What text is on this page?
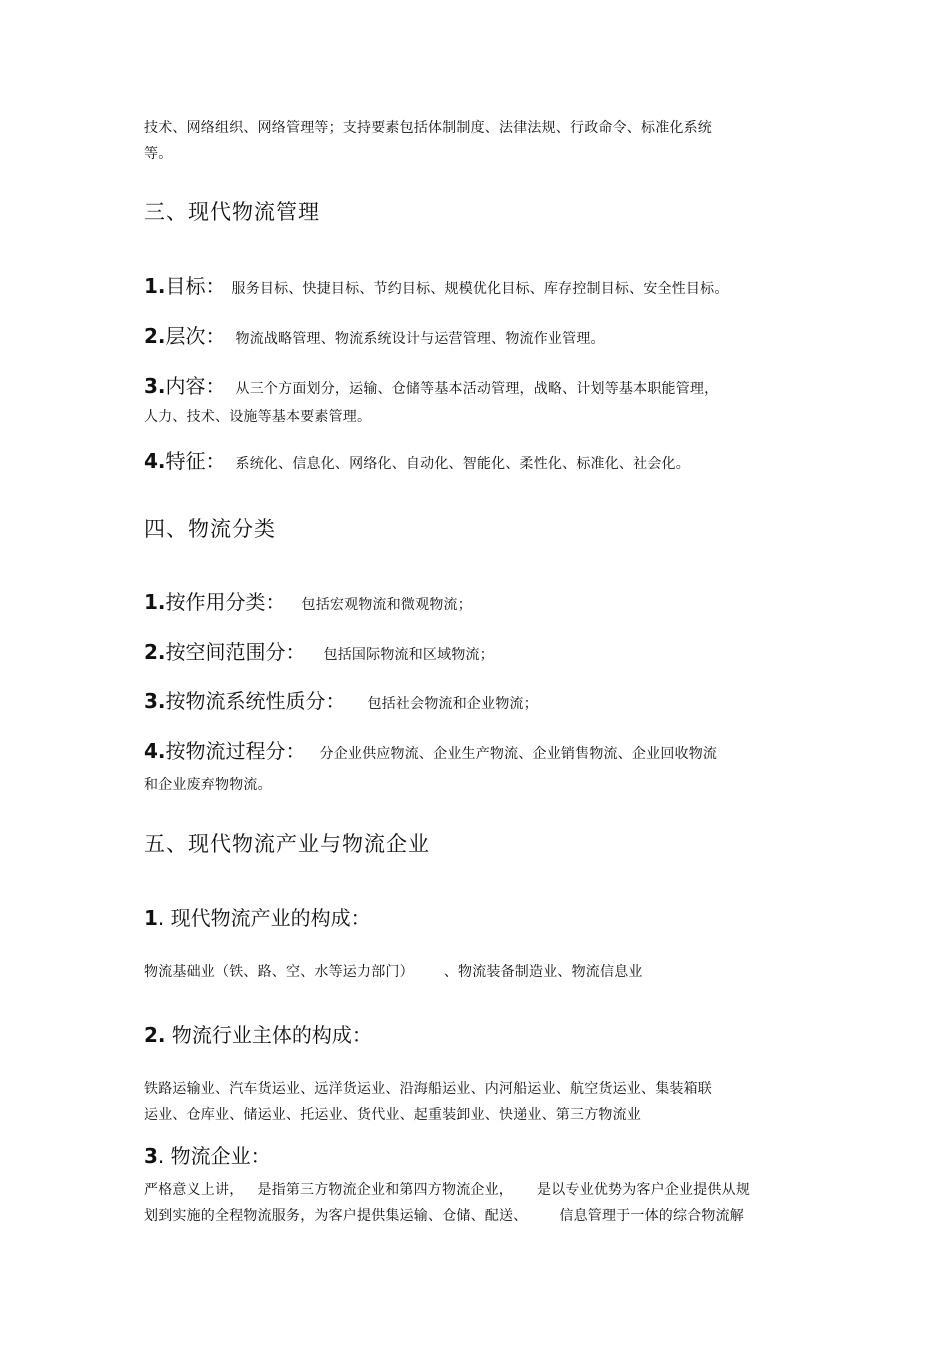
技术、网络组织、网络管理等；支持要素包括体制制度、法律法规、行政命令、标准化系统
等。
三、现代物流管理
1.目标： 服务目标、快捷目标、节约目标、规模优化目标、库存控制目标、安全性目标。
2.层次： 物流战略管理、物流系统设计与运营管理、物流作业管理。
3.内容： 从三个方面划分，运输、仓储等基本活动管理，战略、计划等基本职能管理，
人力、技术、设施等基本要素管理。
4.特征： 系统化、信息化、网络化、自动化、智能化、柔性化、标准化、社会化。
四、物流分类
1.按作用分类： 包括宏观物流和微观物流；
2.按空间范围分： 包括国际物流和区域物流；
3.按物流系统性质分： 包括社会物流和企业物流；
4.按物流过程分： 分企业供应物流、企业生产物流、企业销售物流、企业回收物流
和企业废弃物物流。
五、现代物流产业与物流企业
1. 现代物流产业的构成：
物流基础业（铁、路、空、水等运力部门） 、物流装备制造业、物流信息业
2. 物流行业主体的构成：
铁路运输业、汽车货运业、远洋货运业、沿海船运业、内河船运业、航空货运业、集装箱联
运业、仓库业、储运业、托运业、货代业、起重装卸业、快递业、第三方物流业
3. 物流企业：
严格意义上讲， 是指第三方物流企业和第四方物流企业， 是以专业优势为客户企业提供从规
划到实施的全程物流服务，为客户提供集运输、仓储、配送、 信息管理于一体的综合物流解
